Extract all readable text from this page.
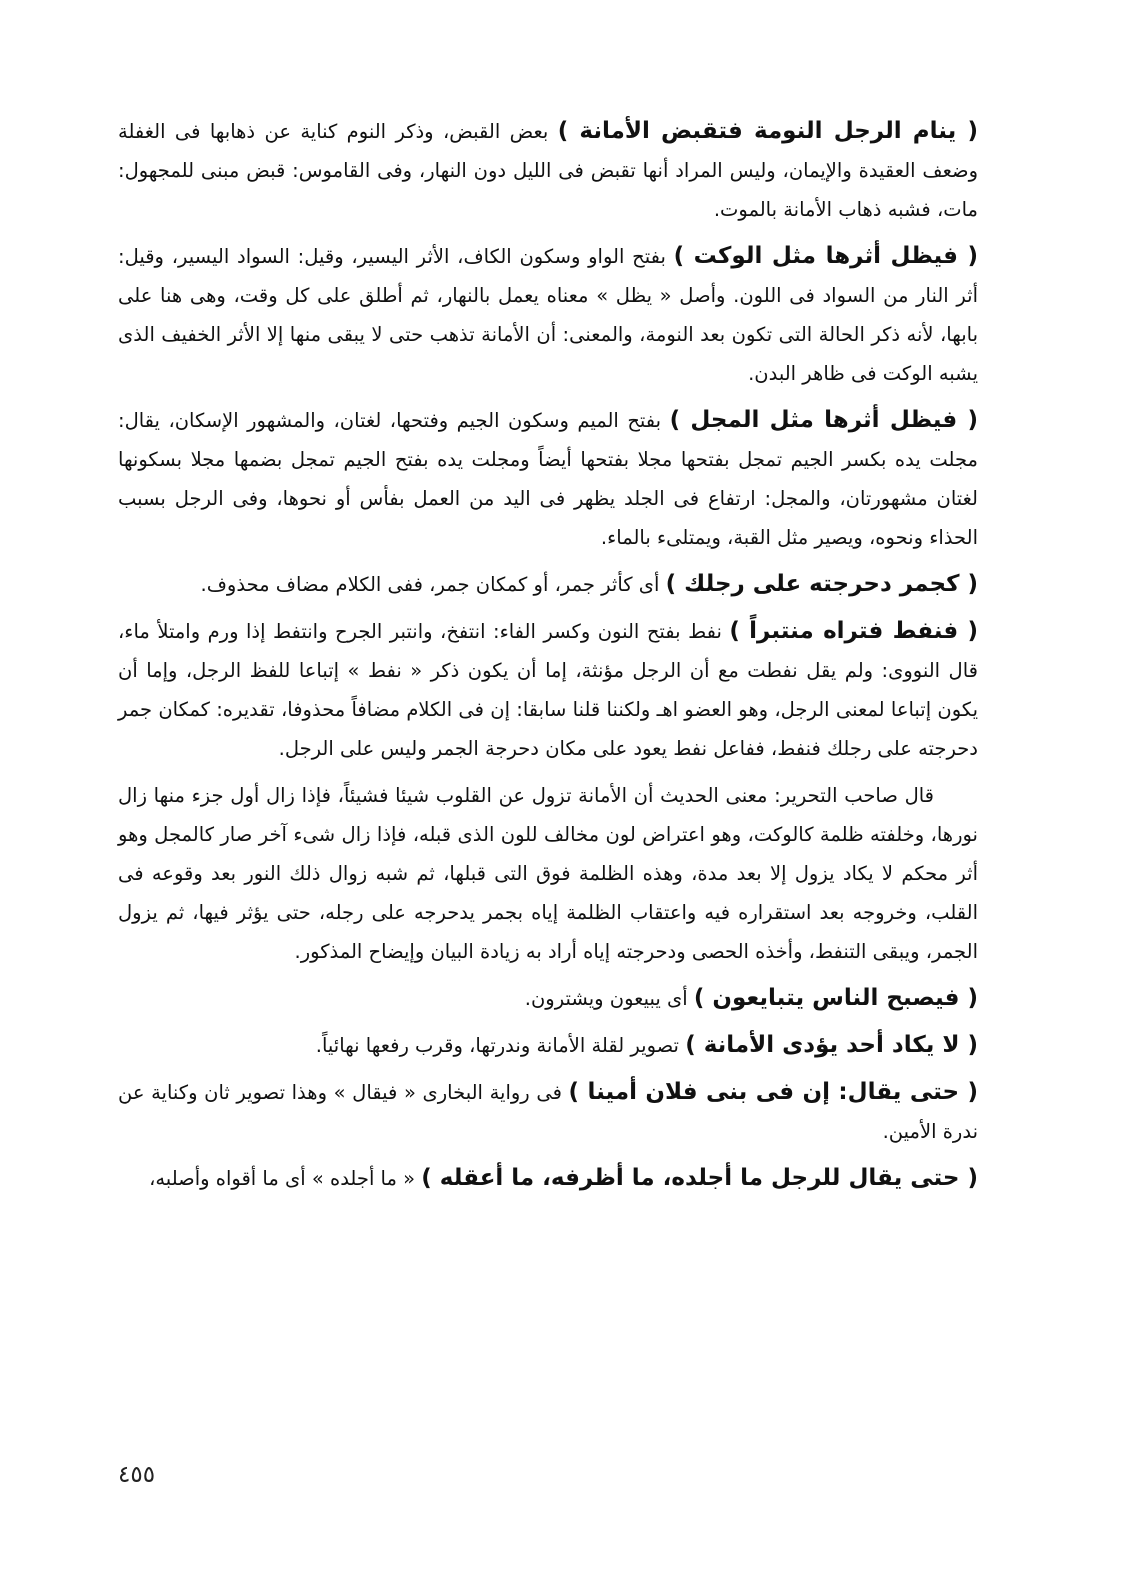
( ينام الرجل النومة فتقبض الأمانة ) بعض القبض، وذكر النوم كناية عن ذهابها فى الغفلة وضعف العقيدة والإيمان، وليس المراد أنها تقبض فى الليل دون النهار، وفى القاموس: قبض مبنى للمجهول: مات، فشبه ذهاب الأمانة بالموت.

( فيظل أثرها مثل الوكت ) بفتح الواو وسكون الكاف، الأثر اليسير، وقيل: السواد اليسير، وقيل: أثر النار من السواد فى اللون. وأصل « يظل » معناه يعمل بالنهار، ثم أطلق على كل وقت، وهى هنا على بابها، لأنه ذكر الحالة التى تكون بعد النومة، والمعنى: أن الأمانة تذهب حتى لا يبقى منها إلا الأثر الخفيف الذى يشبه الوكت فى ظاهر البدن.

( فيظل أثرها مثل المجل ) بفتح الميم وسكون الجيم وفتحها، لغتان، والمشهور الإسكان، يقال: مجلت يده بكسر الجيم تمجل بفتحها مجلا بفتحها أيضاً ومجلت يده بفتح الجيم تمجل بضمها مجلا بسكونها لغتان مشهورتان، والمجل: ارتفاع فى الجلد يظهر فى اليد من العمل بفأس أو نحوها، وفى الرجل بسبب الحذاء ونحوه، ويصير مثل القبة، ويمتلىء بالماء.

( كجمر دحرجته على رجلك ) أى كأثر جمر، أو كمكان جمر، ففى الكلام مضاف محذوف.

( فنفط فتراه منتبراً ) نفط بفتح النون وكسر الفاء: انتفخ، وانتبر الجرح وانتفط إذا ورم وامتلأ ماء، قال النووى: ولم يقل نفطت مع أن الرجل مؤنثة، إما أن يكون ذكر « نفط » إتباعا للفظ الرجل، وإما أن يكون إتباعا لمعنى الرجل، وهو العضو اهـ ولكننا قلنا سابقا: إن فى الكلام مضافاً محذوفا، تقديره: كمكان جمر دحرجته على رجلك فنفط، ففاعل نفط يعود على مكان دحرجة الجمر وليس على الرجل.

قال صاحب التحرير: معنى الحديث أن الأمانة تزول عن القلوب شيئا فشيئاً، فإذا زال أول جزء منها زال نورها، وخلفته ظلمة كالوكت، وهو اعتراض لون مخالف للون الذى قبله، فإذا زال شىء آخر صار كالمجل وهو أثر محكم لا يكاد يزول إلا بعد مدة، وهذه الظلمة فوق التى قبلها، ثم شبه زوال ذلك النور بعد وقوعه فى القلب، وخروجه بعد استقراره فيه واعتقاب الظلمة إياه بجمر يدحرجه على رجله، حتى يؤثر فيها، ثم يزول الجمر، ويبقى التنفط، وأخذه الحصى ودحرجته إياه أراد به زيادة البيان وإيضاح المذكور.

( فيصبح الناس يتبايعون ) أى يبيعون ويشترون.

( لا يكاد أحد يؤدى الأمانة ) تصوير لقلة الأمانة وندرتها، وقرب رفعها نهائياً.

( حتى يقال: إن فى بنى فلان أمينا ) فى رواية البخارى « فيقال » وهذا تصوير ثان وكناية عن ندرة الأمين.

( حتى يقال للرجل ما أجلده، ما أظرفه، ما أعقله ) « ما أجلده » أى ما أقواه وأصلبه،

٤٥٥
